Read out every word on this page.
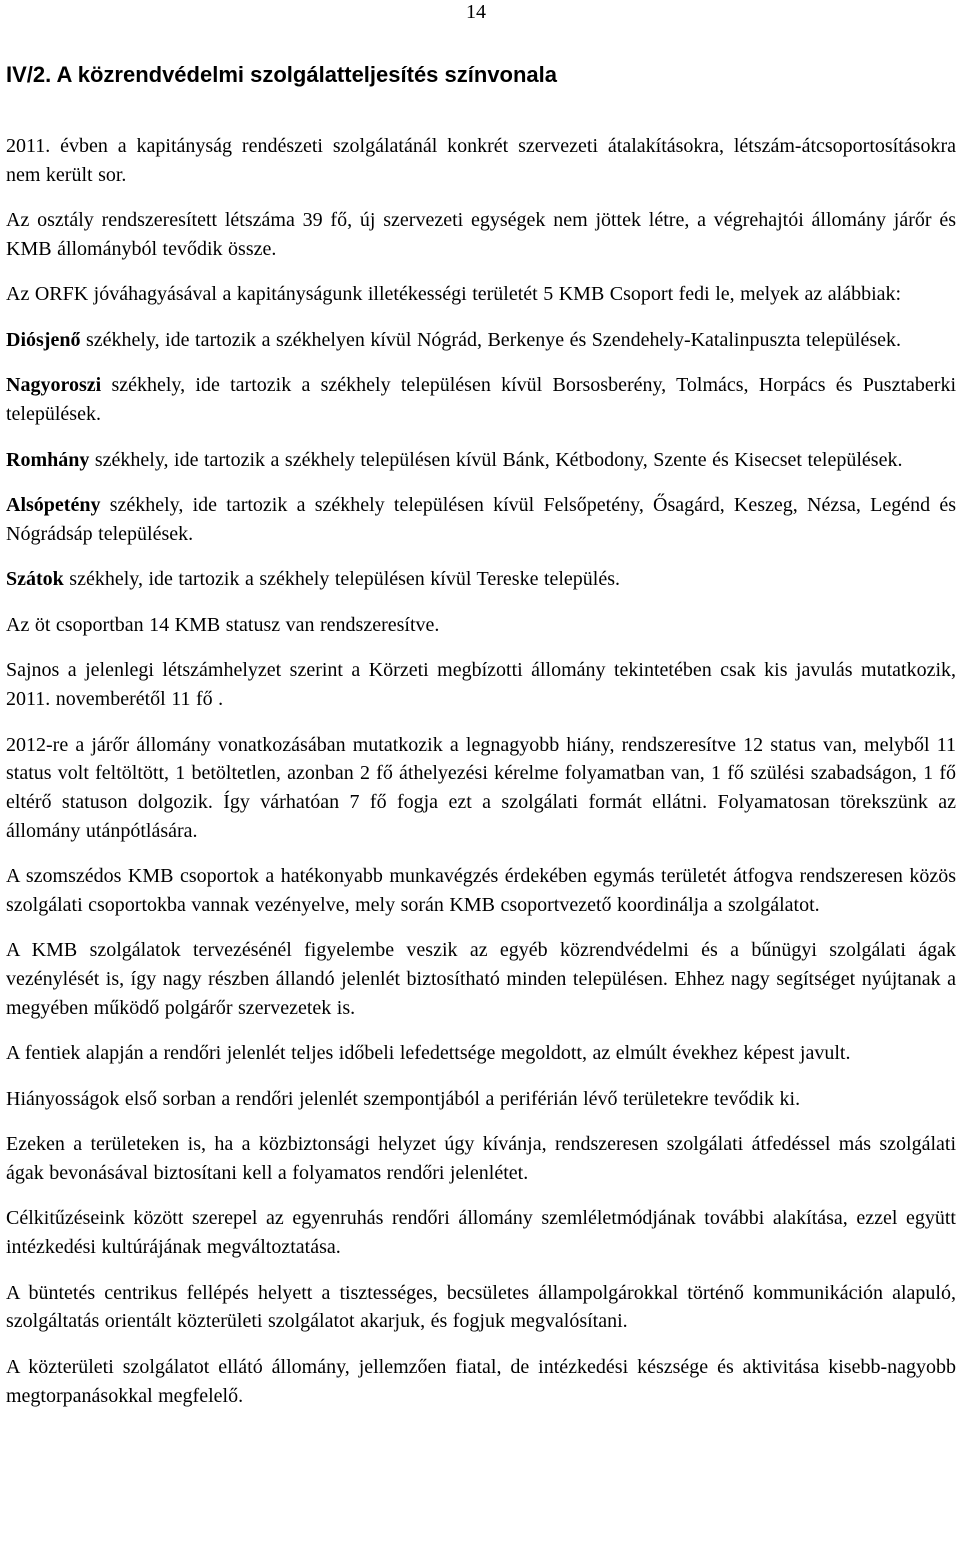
14
IV/2. A közrendvédelmi szolgálatteljesítés színvonala

2011. évben a kapitányság rendészeti szolgálatánál konkrét szervezeti átalakításokra, létszám-átcsoportosításokra nem került sor.

Az osztály rendszeresített létszáma 39 fő, új szervezeti egységek nem jöttek létre, a végrehajtói állomány járőr és KMB állományból tevődik össze.

Az ORFK jóváhagyásával a kapitányságunk illetékességi területét 5 KMB Csoport fedi le, melyek az alábbiak:

Diósjenő székhely, ide tartozik a székhelyen kívül Nógrád, Berkenye és Szendehely-Katalinpuszta települések.

Nagyoroszi székhely, ide tartozik a székhely településen kívül Borsosberény, Tolmács, Horpács és Pusztaberki települések.

Romhány székhely, ide tartozik a székhely településen kívül Bánk, Kétbodony, Szente és Kisecset települések.

Alsópetény székhely, ide tartozik a székhely településen kívül Felsőpetény, Ősagárd, Keszeg, Nézsa, Legénd és Nógrádsáp települések.

Szátok székhely, ide tartozik a székhely településen kívül Tereske település.

Az öt csoportban 14 KMB statusz van rendszeresítve.

Sajnos a jelenlegi létszámhelyzet szerint a Körzeti megbízotti állomány tekintetében csak kis javulás mutatkozik, 2011. novemberétől 11 fő .

2012-re a járőr állomány vonatkozásában mutatkozik a legnagyobb hiány, rendszeresítve 12 status van, melyből 11 status volt feltöltött, 1 betöltetlen, azonban 2 fő áthelyezési kérelme folyamatban van, 1 fő szülési szabadságon, 1 fő eltérő statuson dolgozik. Így várhatóan 7 fő fogja ezt a szolgálati formát ellátni. Folyamatosan törekszünk az állomány utánpótlására.

A szomszédos KMB csoportok a hatékonyabb munkavégzés érdekében egymás területét átfogva rendszeresen közös szolgálati csoportokba vannak vezényelve, mely során KMB csoportvezető koordinálja a szolgálatot.

A KMB szolgálatok tervezésénél figyelembe veszik az egyéb közrendvédelmi és a bűnügyi szolgálati ágak vezénylését is, így nagy részben állandó jelenlét biztosítható minden településen. Ehhez nagy segítséget nyújtanak a megyében működő polgárőr szervezetek is.

A fentiek alapján a rendőri jelenlét teljes időbeli lefedettsége megoldott, az elmúlt évekhez képest javult.

Hiányosságok első sorban a rendőri jelenlét szempontjából a periférián lévő területekre tevődik ki.

Ezeken a területeken is, ha a közbiztonsági helyzet úgy kívánja, rendszeresen szolgálati átfedéssel más szolgálati ágak bevonásával biztosítani kell a folyamatos rendőri jelenlétet.

Célkitűzéseink között szerepel az egyenruhás rendőri állomány szemléletmódjának további alakítása, ezzel együtt intézkedési kultúrájának megváltoztatása.

A büntetés centrikus fellépés helyett a tisztességes, becsületes állampolgárokkal történő kommunikáción alapuló, szolgáltatás orientált közterületi szolgálatot akarjuk, és fogjuk megvalósítani.

A közterületi szolgálatot ellátó állomány, jellemzően fiatal, de intézkedési készsége és aktivitása kisebb-nagyobb megtorpanásokkal megfelelő.
